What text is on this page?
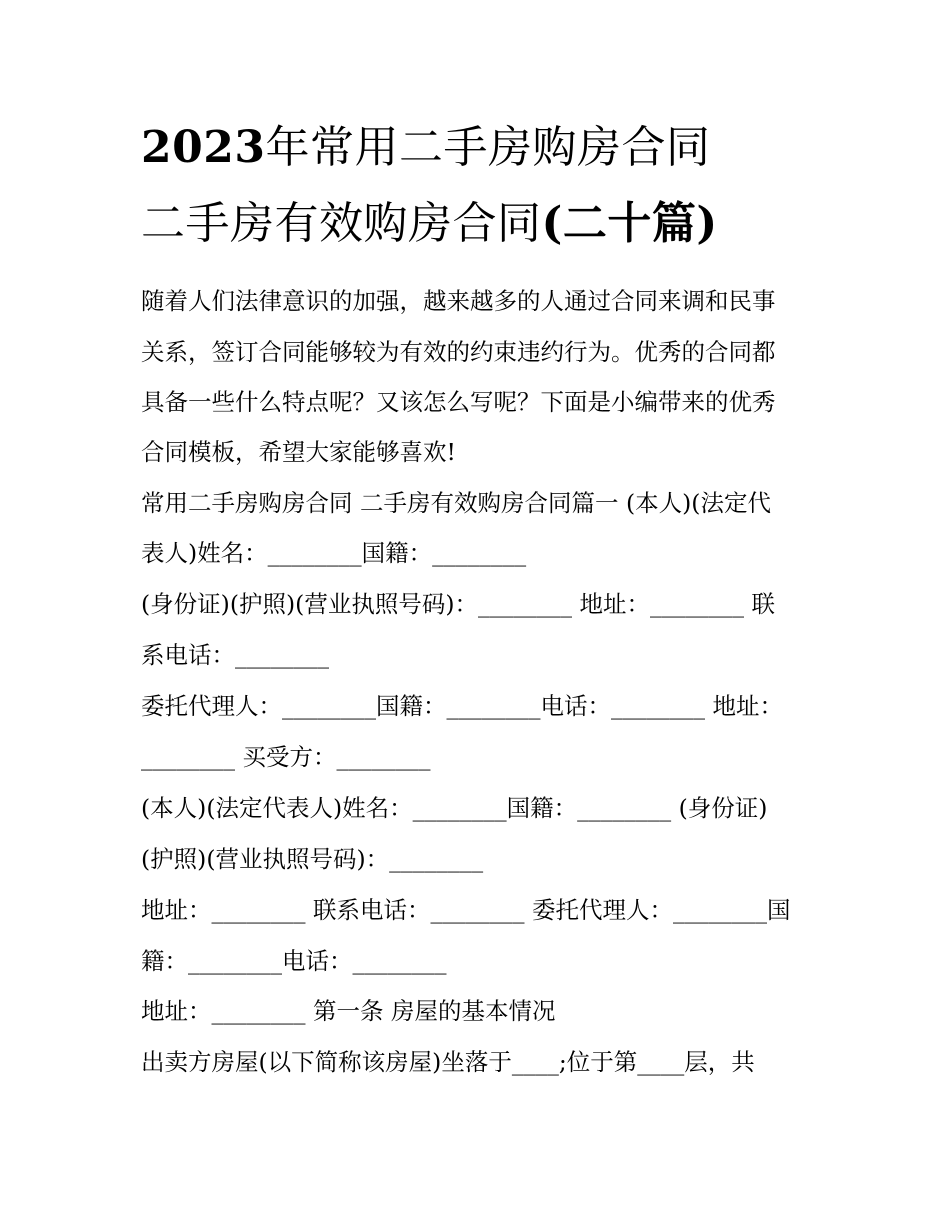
2023年常用二手房购房合同
二手房有效购房合同(二十篇)

随着人们法律意识的加强，越来越多的人通过合同来调和民事

关系，签订合同能够较为有效的约束违约行为。优秀的合同都

具备一些什么特点呢？又该怎么写呢？下面是小编带来的优秀

合同模板，希望大家能够喜欢!

常用二手房购房合同 二手房有效购房合同篇一 (本人)(法定代

表人)姓名：________国籍：________

(身份证)(护照)(营业执照号码)：________ 地址：________ 联

系电话：________

委托代理人：________国籍：________电话：________ 地址：

________ 买受方：________

(本人)(法定代表人)姓名：________国籍：________ (身份证)

(护照)(营业执照号码)：________

地址：________ 联系电话：________ 委托代理人：________国

籍：________电话：________

地址：________ 第一条 房屋的基本情况

出卖方房屋(以下简称该房屋)坐落于____;位于第____层，共
